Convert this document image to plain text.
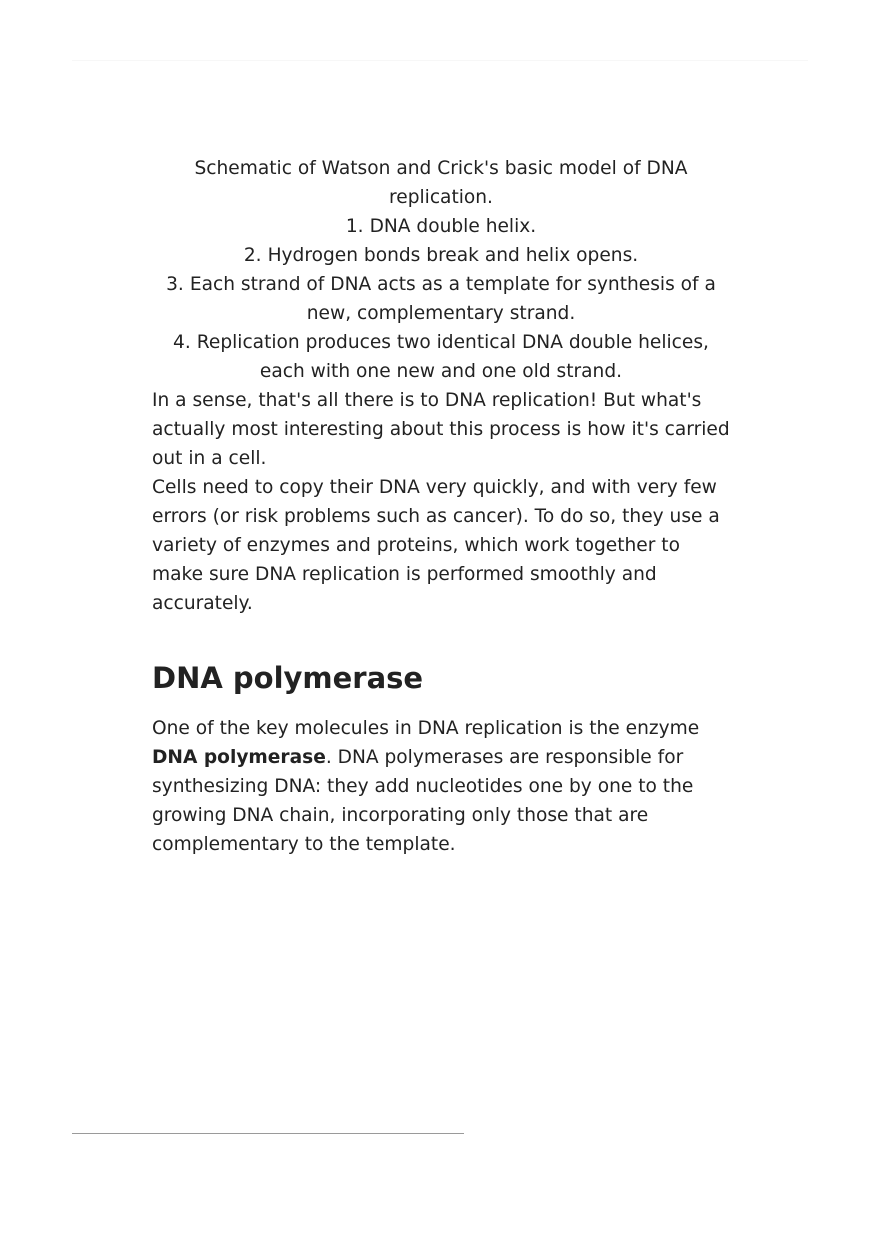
Schematic of Watson and Crick's basic model of DNA replication.

1. DNA double helix.
2. Hydrogen bonds break and helix opens.
3. Each strand of DNA acts as a template for synthesis of a new, complementary strand.
4. Replication produces two identical DNA double helices, each with one new and one old strand.

In a sense, that's all there is to DNA replication! But what's actually most interesting about this process is how it's carried out in a cell.

Cells need to copy their DNA very quickly, and with very few errors (or risk problems such as cancer). To do so, they use a variety of enzymes and proteins, which work together to make sure DNA replication is performed smoothly and accurately.

DNA polymerase

One of the key molecules in DNA replication is the enzyme DNA polymerase. DNA polymerases are responsible for synthesizing DNA: they add nucleotides one by one to the growing DNA chain, incorporating only those that are complementary to the template.
